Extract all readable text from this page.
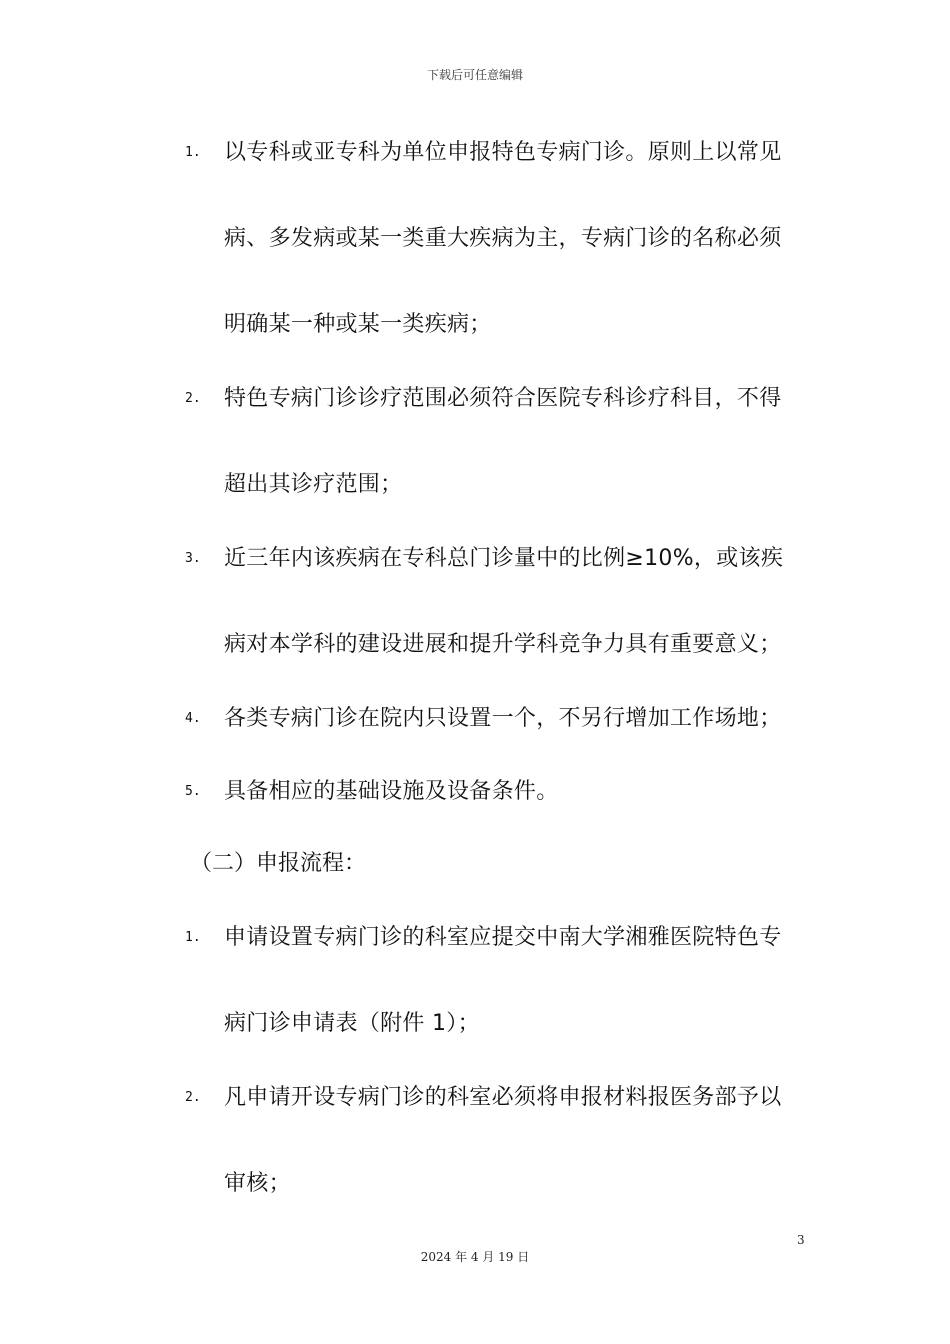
下载后可任意编辑
1.	以专科或亚专科为单位申报特色专病门诊。原则上以常见
病、多发病或某一类重大疾病为主，专病门诊的名称必须
明确某一种或某一类疾病；
2.	特色专病门诊诊疗范围必须符合医院专科诊疗科目，不得
超出其诊疗范围；
3.	近三年内该疾病在专科总门诊量中的比例≥10%，或该疾
病对本学科的建设进展和提升学科竞争力具有重要意义；
4.	各类专病门诊在院内只设置一个，不另行增加工作场地；
5.	具备相应的基础设施及设备条件。
（二）申报流程：
1.	申请设置专病门诊的科室应提交中南大学湘雅医院特色专
病门诊申请表（附件 1）；
2.	凡申请开设专病门诊的科室必须将申报材料报医务部予以
审核；
3
2024 年 4 月 19 日
